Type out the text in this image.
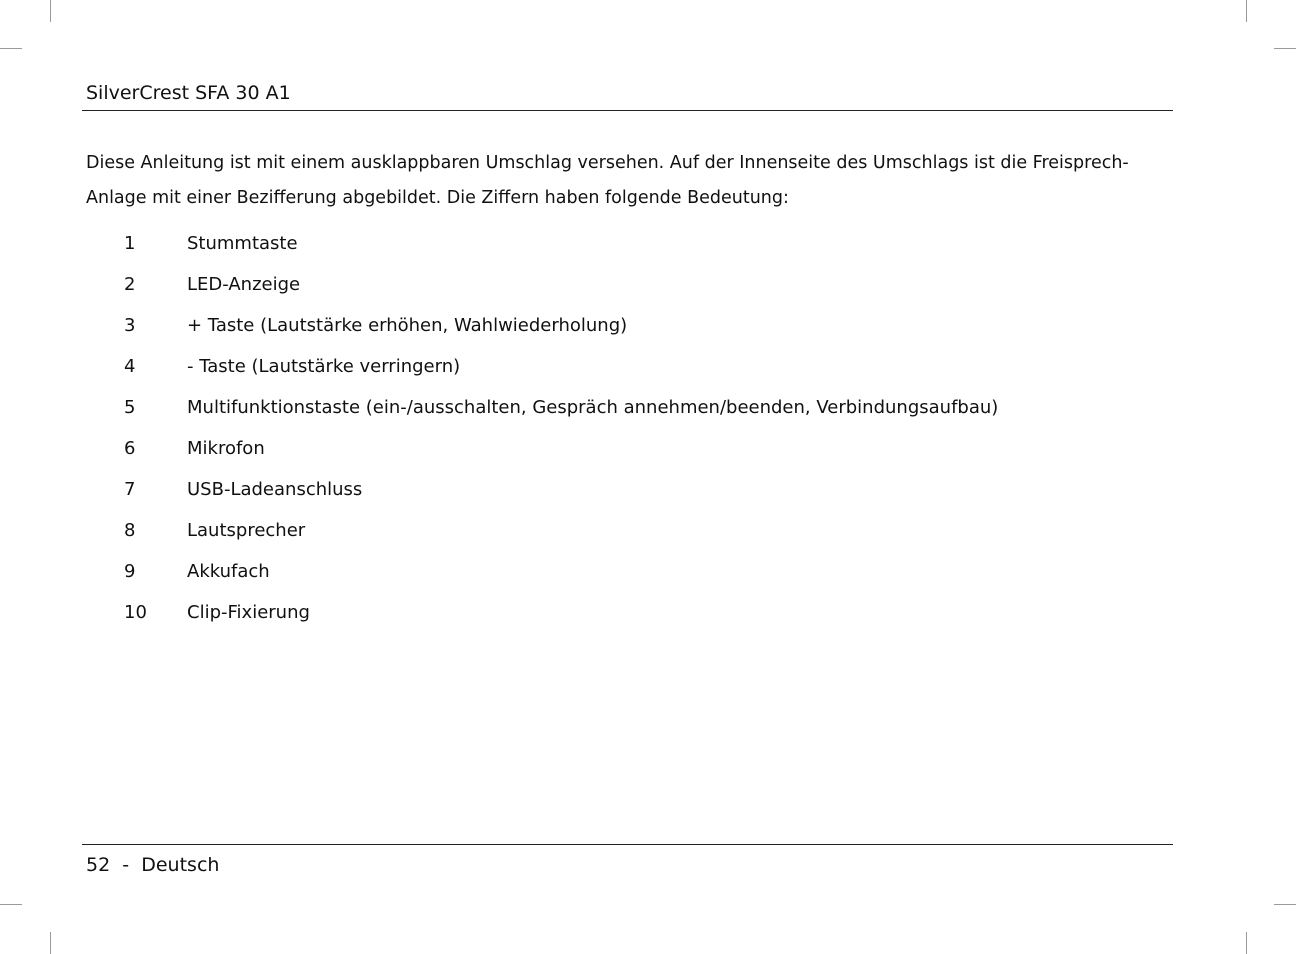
SilverCrest SFA 30 A1

Diese Anleitung ist mit einem ausklappbaren Umschlag versehen. Auf der Innenseite des Umschlags ist die Freisprech-
Anlage mit einer Bezifferung abgebildet. Die Ziffern haben folgende Bedeutung:

1	Stummtaste
2	LED-Anzeige
3	+ Taste (Lautstärke erhöhen, Wahlwiederholung)
4	- Taste (Lautstärke verringern)
5	Multifunktionstaste (ein-/ausschalten, Gespräch annehmen/beenden, Verbindungsaufbau)
6	Mikrofon
7	USB-Ladeanschluss
8	Lautsprecher
9	Akkufach
10 Clip-Fixierung
52 - Deutsch
